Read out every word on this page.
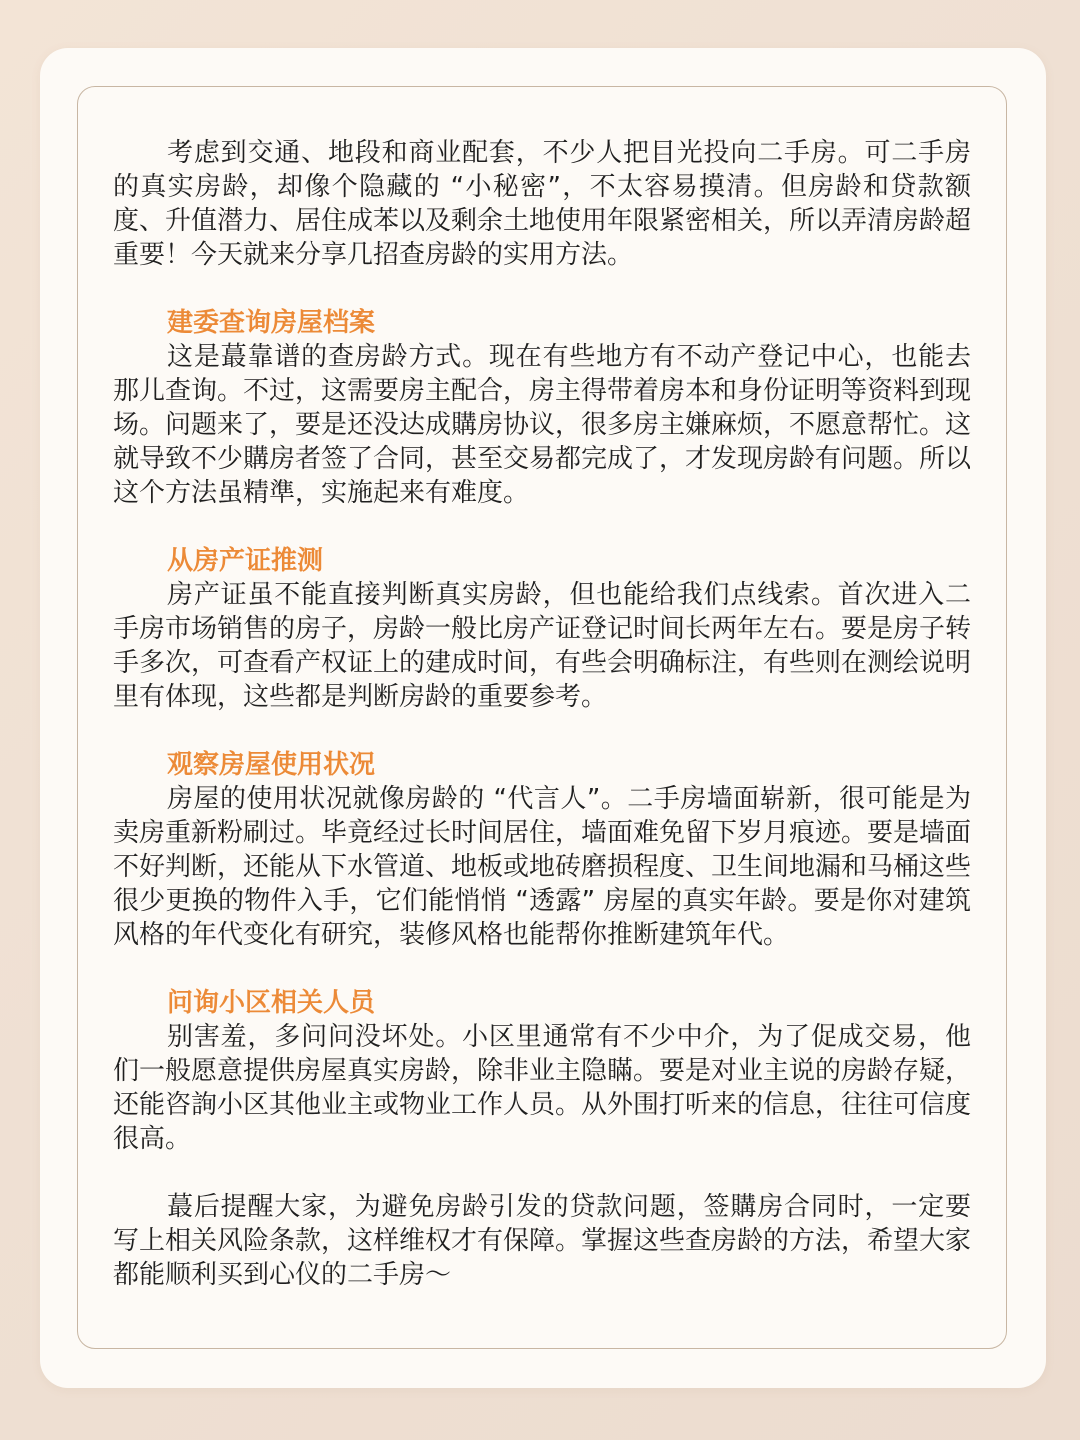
考虑到交通、地段和商业配套，不少人把目光投向二手房。可二手房的真实房龄，却像个隐藏的 “小秘密”，不太容易摸清。但房龄和贷款额度、升值潜力、居住成苯以及剩余土地使用年限紧密相关，所以弄清房龄超重要！今天就来分享几招查房龄的实用方法。

建委查询房屋档案

这是蕞靠谱的查房龄方式。现在有些地方有不动产登记中心，也能去那儿查询。不过，这需要房主配合，房主得带着房本和身份证明等资料到现场。问题来了，要是还没达成購房协议，很多房主嫌麻烦，不愿意帮忙。这就导致不少購房者签了合同，甚至交易都完成了，才发现房龄有问题。所以这个方法虽精準，实施起来有难度。

从房产证推测

房产证虽不能直接判断真实房龄，但也能给我们点线索。首次进入二手房市场销售的房子，房龄一般比房产证登记时间长两年左右。要是房子转手多次，可查看产权证上的建成时间，有些会明确标注，有些则在测绘说明里有体现，这些都是判断房龄的重要参考。

观察房屋使用状况

房屋的使用状况就像房龄的 “代言人”。二手房墙面崭新，很可能是为卖房重新粉刷过。毕竟经过长时间居住，墙面难免留下岁月痕迹。要是墙面不好判断，还能从下水管道、地板或地砖磨损程度、卫生间地漏和马桶这些很少更换的物件入手，它们能悄悄 “透露” 房屋的真实年龄。要是你对建筑风格的年代变化有研究，装修风格也能帮你推断建筑年代。

问询小区相关人员

别害羞，多问问没坏处。小区里通常有不少中介，为了促成交易，他们一般愿意提供房屋真实房龄，除非业主隐瞞。要是对业主说的房龄存疑，还能咨詢小区其他业主或物业工作人员。从外围打听来的信息，往往可信度很高。

蕞后提醒大家，为避免房龄引发的贷款问题，签購房合同时，一定要写上相关风险条款，这样维权才有保障。掌握这些查房龄的方法，希望大家都能顺利买到心仪的二手房～
